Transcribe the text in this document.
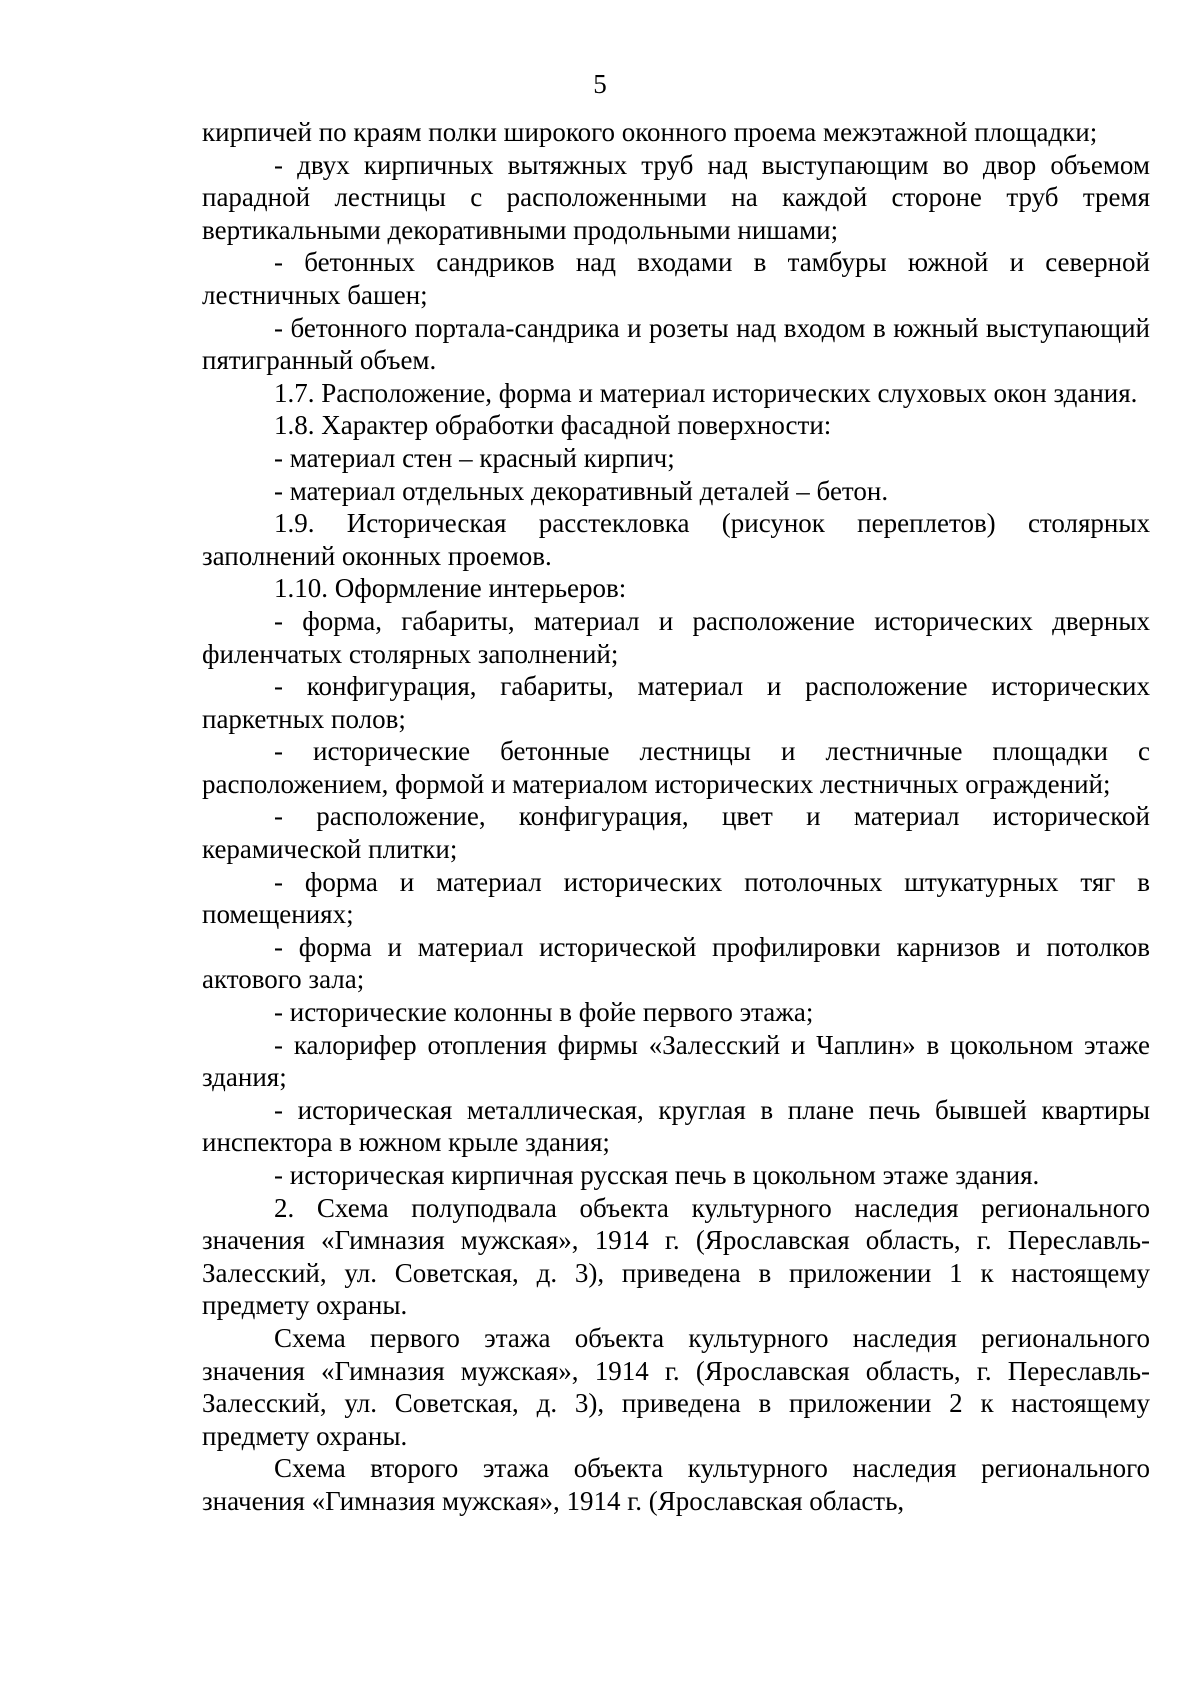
5

кирпичей по краям полки широкого оконного проема межэтажной площадки;

- двух кирпичных вытяжных труб над выступающим во двор объемом парадной лестницы с расположенными на каждой стороне труб тремя вертикальными декоративными продольными нишами;

- бетонных сандриков над входами в тамбуры южной и северной лестничных башен;

- бетонного портала-сандрика и розеты над входом в южный выступающий пятигранный объем.

1.7. Расположение, форма и материал исторических слуховых окон здания.

1.8. Характер обработки фасадной поверхности:

- материал стен – красный кирпич;

- материал отдельных декоративный деталей – бетон.

1.9. Историческая расстекловка (рисунок переплетов) столярных заполнений оконных проемов.

1.10. Оформление интерьеров:

- форма, габариты, материал и расположение исторических дверных филенчатых столярных заполнений;

- конфигурация, габариты, материал и расположение исторических паркетных полов;

- исторические бетонные лестницы и лестничные площадки с расположением, формой и материалом исторических лестничных ограждений;

- расположение, конфигурация, цвет и материал исторической керамической плитки;

- форма и материал исторических потолочных штукатурных тяг в помещениях;

- форма и материал исторической профилировки карнизов и потолков актового зала;

- исторические колонны в фойе первого этажа;

- калорифер отопления фирмы «Залесский и Чаплин» в цокольном этаже здания;

- историческая металлическая, круглая в плане печь бывшей квартиры инспектора в южном крыле здания;

- историческая кирпичная русская печь в цокольном этаже здания.

2. Схема полуподвала объекта культурного наследия регионального значения «Гимназия мужская», 1914 г. (Ярославская область, г. Переславль-Залесский, ул. Советская, д. 3), приведена в приложении 1 к настоящему предмету охраны.

Схема первого этажа объекта культурного наследия регионального значения «Гимназия мужская», 1914 г. (Ярославская область, г. Переславль-Залесский, ул. Советская, д. 3), приведена в приложении 2 к настоящему предмету охраны.

Схема второго этажа объекта культурного наследия регионального значения «Гимназия мужская», 1914 г. (Ярославская область,
